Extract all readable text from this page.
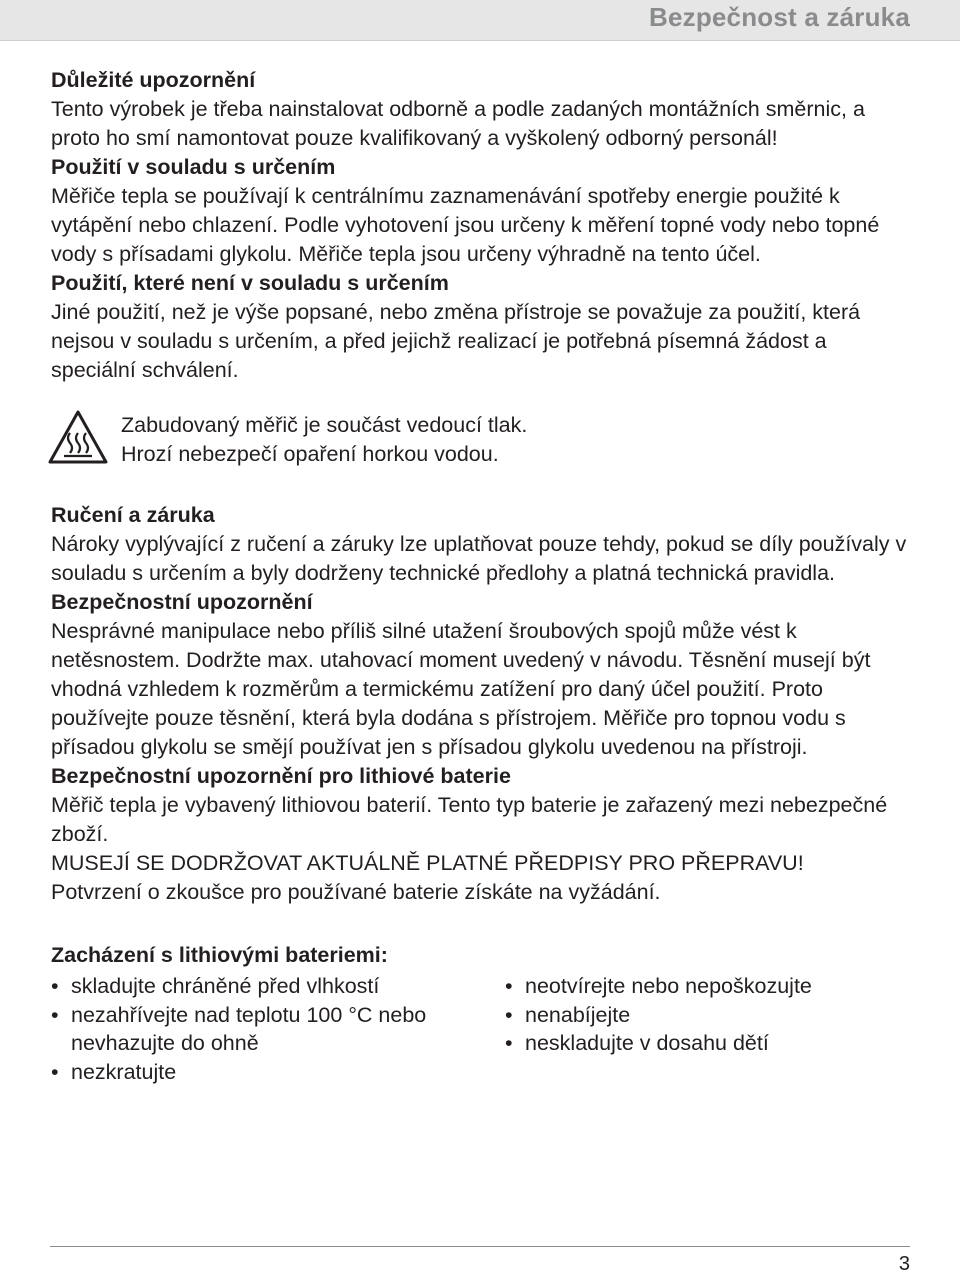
Bezpečnost a záruka
Důležité upozornění

Tento výrobek je třeba nainstalovat odborně a podle zadaných montážních směrnic, a proto ho smí namontovat pouze kvalifikovaný a vyškolený odborný personál!

Použití v souladu s určením

Měřiče tepla se používají k centrálnímu zaznamenávání spotřeby energie použité k vytápění nebo chlazení. Podle vyhotovení jsou určeny k měření topné vody nebo topné vody s přísadami glykolu. Měřiče tepla jsou určeny výhradně na tento účel.

Použití, které není v souladu s určením

Jiné použití, než je výše popsané, nebo změna přístroje se považuje za použití, která nejsou v souladu s určením, a před jejichž realizací je potřebná písemná žádost a speciální schválení.

Zabudovaný měřič je součást vedoucí tlak.
Hrozí nebezpečí opaření horkou vodou.
Ručení a záruka

Nároky vyplývající z ručení a záruky lze uplatňovat pouze tehdy, pokud se díly používaly v souladu s určením a byly dodrženy technické předlohy a platná technická pravidla.

Bezpečnostní upozornění

Nesprávné manipulace nebo příliš silné utažení šroubových spojů může vést k netěsnostem. Dodržte max. utahovací moment uvedený v návodu. Těsnění musejí být vhodná vzhledem k rozměrům a termickému zatížení pro daný účel použití. Proto používejte pouze těsnění, která byla dodána s přístrojem. Měřiče pro topnou vodu s přísadou glykolu se smějí používat jen s přísadou glykolu uvedenou na přístroji.

Bezpečnostní upozornění pro lithiové baterie

Měřič tepla je vybavený lithiovou baterií. Tento typ baterie je zařazený mezi nebezpečné zboží.

MUSEJÍ SE DODRŽOVAT AKTUÁLNĚ PLATNÉ PŘEDPISY PRO PŘEPRAVU!

Potvrzení o zkoušce pro používané baterie získáte na vyžádání.

Zacházení s lithiovými bateriemi:
• skladujte chráněné před vlhkostí
• nezahřívejte nad teplotu 100 °C nebo nevhazujte do ohně
• nezkratujte
• neotvírejte nebo nepoškozujte
• nenabíjejte
• neskladujte v dosahu dětí
3
